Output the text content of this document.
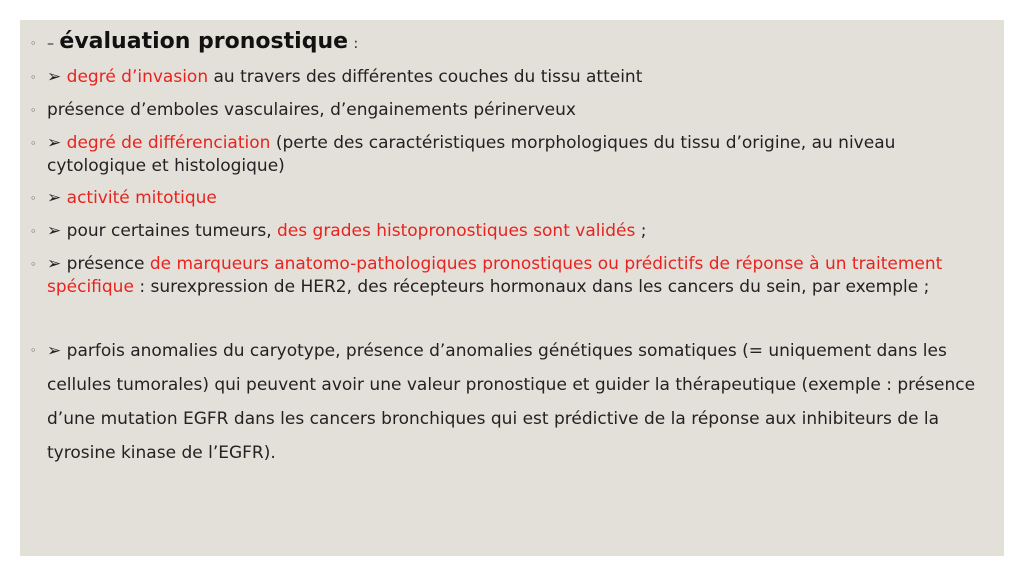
◦ – évaluation pronostique :
◦ ➢ degré d’invasion au travers des différentes couches du tissu atteint
◦ présence d’emboles vasculaires, d’engainements périnerveux
◦ ➢ degré de différenciation (perte des caractéristiques morphologiques du tissu d’origine, au niveau cytologique et histologique)
◦ ➢ activité mitotique
◦ ➢ pour certaines tumeurs, des grades histopronostiques sont validés ;
◦ ➢ présence de marqueurs anatomo-pathologiques pronostiques ou prédictifs de réponse à un traitement spécifique : surexpression de HER2, des récepteurs hormonaux dans les cancers du sein, par exemple ;
◦ ➢ parfois anomalies du caryotype, présence d’anomalies génétiques somatiques (= uniquement dans les cellules tumorales) qui peuvent avoir une valeur pronostique et guider la thérapeutique (exemple : présence d’une mutation EGFR dans les cancers bronchiques qui est prédictive de la réponse aux inhibiteurs de la tyrosine kinase de l’EGFR).
